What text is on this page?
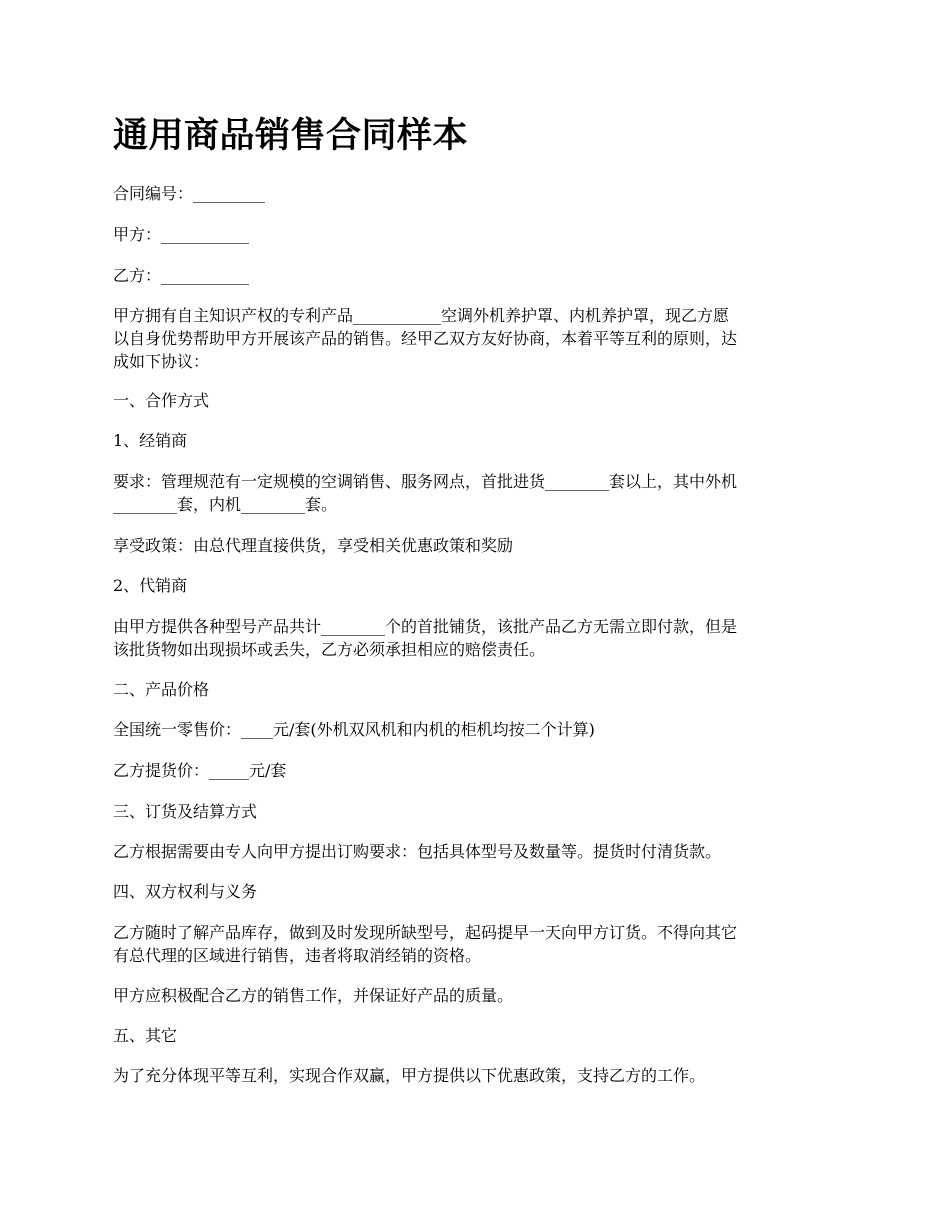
通用商品销售合同样本

合同编号：_________

甲方：___________

乙方：___________

甲方拥有自主知识产权的专利产品___________空调外机养护罩、内机养护罩，现乙方愿
以自身优势帮助甲方开展该产品的销售。经甲乙双方友好协商，本着平等互利的原则，达
成如下协议：

一、合作方式

1、经销商

要求：管理规范有一定规模的空调销售、服务网点，首批进货________套以上，其中外机
________套，内机________套。

享受政策：由总代理直接供货，享受相关优惠政策和奖励

2、代销商

由甲方提供各种型号产品共计________个的首批铺货，该批产品乙方无需立即付款，但是
该批货物如出现损坏或丢失，乙方必须承担相应的赔偿责任。

二、产品价格

全国统一零售价：____元/套(外机双风机和内机的柜机均按二个计算)

乙方提货价：_____元/套

三、订货及结算方式

乙方根据需要由专人向甲方提出订购要求：包括具体型号及数量等。提货时付清货款。

四、双方权利与义务

乙方随时了解产品库存，做到及时发现所缺型号，起码提早一天向甲方订货。不得向其它
有总代理的区域进行销售，违者将取消经销的资格。

甲方应积极配合乙方的销售工作，并保证好产品的质量。

五、其它

为了充分体现平等互利，实现合作双赢，甲方提供以下优惠政策，支持乙方的工作。
